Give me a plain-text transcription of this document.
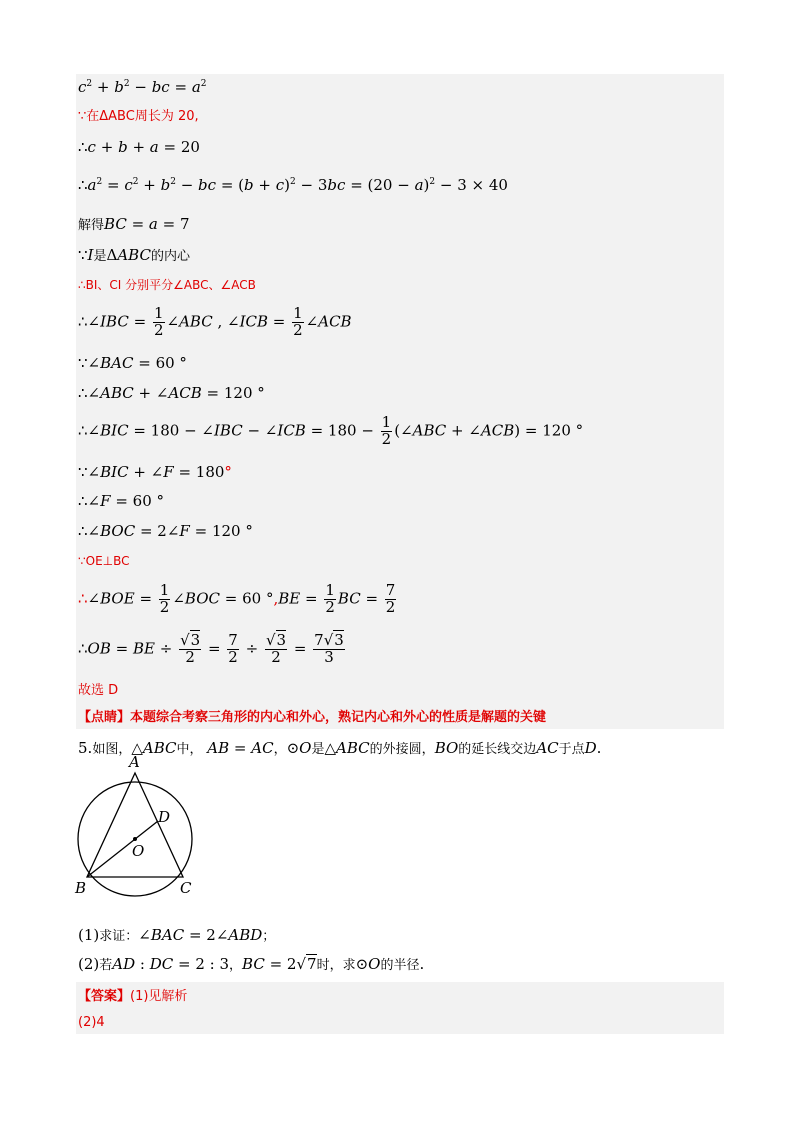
$c^2 + b^2$ − bc = $a^2$
∵在ΔABC周长为 20,
∴c + b + a = 20
$\therefore a^2 = c^2 + b^2$ − bc = $(b + c)^2 - 3bc = (20 - a)^2 - 3 \times 40$
解得BC = a = 7
∵I是ΔABC的内心
∴BI、CI 分别平分∠ABC、∠ACB
∴∠IBC = $\frac{1}{2}$ ∠ABC , ∠ICB = $\frac{1}{2}$ ∠ACB
∵∠BAC = 60 °
∴∠ABC + ∠ACB = 120 °
∴∠BIC = 180 − ∠IBC − ∠ICB = $180 - \frac{1}{2}$ (∠ABC + ∠ACB) = 120 °
∵∠BIC + ∠F = 180°
∴∠F = 60 °
∴∠BOC = 2∠F = 120 °
∵OE⊥BC
∴∠BOE = $\frac{1}{2}$ ∠BOC = 60 $^\circ,BE = \frac{1}{2}$ BC = $\frac{7}{2}$
∴OB = BE ÷ $\frac{√3}{2} = \frac{7}{2} \div \frac{√3}{2} = \frac{7√3}{3}$
故选 D
【点睛】本题综合考察三角形的内心和外心，熟记内心和外心的性质是解题的关键
5.如图，△ABC中， AB = AC，⊙O是△ABC的外接圆，BO的延长线交边AC于点D.
A
B	C
D
O
(1)求证：∠BAC = 2∠ABD；
(2)若AD : DC = 2 : 3，BC = 2√7时，求⊙O的半径.
【答案】(1)见解析
(2)4
